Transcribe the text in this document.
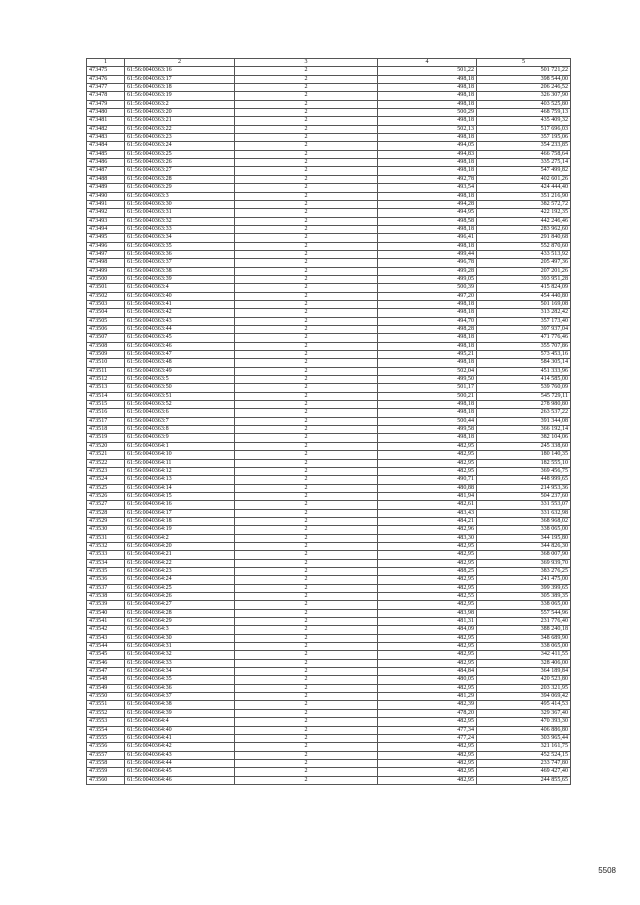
1	2	3	4	5
473475	61:56:0040363:16	2	501,22	501 721,22
473476	61:56:0040363:17	2	498,18	398 544,00
473477	61:56:0040363:18	2	498,18	206 246,52
473478	61:56:0040363:19	2	498,18	326 307,90
473479	61:56:0040363:2	2	498,18	403 525,80
473480	61:56:0040363:20	2	500,29	468 759,13
473481	61:56:0040363:21	2	498,18	435 409,32
473482	61:56:0040363:22	2	502,13	517 696,03
473483	61:56:0040363:23	2	498,18	357 195,06
473484	61:56:0040363:24	2	494,05	354 233,85
473485	61:56:0040363:25	2	494,83	466 758,64
473486	61:56:0040363:26	2	498,18	335 275,14
473487	61:56:0040363:27	2	498,18	547 499,82
473488	61:56:0040363:28	2	492,78	402 601,26
473489	61:56:0040363:29	2	493,54	424 444,40
473490	61:56:0040363:3	2	498,18	351 216,90
473491	61:56:0040363:30	2	494,28	382 572,72
473492	61:56:0040363:31	2	494,95	422 192,35
473493	61:56:0040363:32	2	498,58	442 246,46
473494	61:56:0040363:33	2	498,18	283 962,60
473495	61:56:0040363:34	2	496,41	291 840,68
473496	61:56:0040363:35	2	498,18	552 870,60
473497	61:56:0040363:36	2	499,44	433 513,92
473498	61:56:0040363:37	2	496,78	205 497,36
473499	61:56:0040363:38	2	499,28	207 201,26
473500	61:56:0040363:39	2	499,05	393 951,28
473501	61:56:0040363:4	2	500,39	415 824,09
473502	61:56:0040363:40	2	497,20	454 440,80
473503	61:56:0040363:41	2	498,18	501 169,08
473504	61:56:0040363:42	2	498,18	313 282,42
473505	61:56:0040363:43	2	494,70	357 173,40
473506	61:56:0040363:44	2	498,28	397 937,04
473507	61:56:0040363:45	2	498,18	471 776,46
473508	61:56:0040363:46	2	498,18	355 707,86
473509	61:56:0040363:47	2	495,21	573 453,16
473510	61:56:0040363:48	2	498,18	584 305,14
473511	61:56:0040363:49	2	502,04	451 333,96
473512	61:56:0040363:5	2	499,50	414 585,00
473513	61:56:0040363:50	2	501,17	539 760,09
473514	61:56:0040363:51	2	500,21	545 729,11
473515	61:56:0040363:52	2	498,18	278 980,80
473516	61:56:0040363:6	2	498,18	263 537,22
473517	61:56:0040363:7	2	500,44	391 344,08
473518	61:56:0040363:8	2	499,58	366 192,14
473519	61:56:0040363:9	2	498,18	382 104,06
473520	61:56:0040364:1	2	482,95	245 338,60
473521	61:56:0040364:10	2	482,95	180 140,35
473522	61:56:0040364:11	2	482,95	182 555,10
473523	61:56:0040364:12	2	482,95	369 456,75
473524	61:56:0040364:13	2	490,71	448 999,65
473525	61:56:0040364:14	2	480,88	214 953,36
473526	61:56:0040364:15	2	481,94	504 237,60
473527	61:56:0040364:16	2	482,61	331 553,07
473528	61:56:0040364:17	2	483,43	331 632,98
473529	61:56:0040364:18	2	484,21	368 968,02
473530	61:56:0040364:19	2	482,96	338 065,00
473531	61:56:0040364:2	2	483,30	344 195,80
473532	61:56:0040364:20	2	482,95	344 826,30
473533	61:56:0040364:21	2	482,95	368 007,90
473534	61:56:0040364:22	2	482,95	369 939,70
473535	61:56:0040364:23	2	488,25	383 276,25
473536	61:56:0040364:24	2	482,95	241 475,00
473537	61:56:0040364:25	2	482,95	399 399,65
473538	61:56:0040364:26	2	482,55	305 389,35
473539	61:56:0040364:27	2	482,95	338 065,00
473540	61:56:0040364:28	2	483,98	557 544,96
473541	61:56:0040364:29	2	481,31	231 776,40
473542	61:56:0040364:3	2	484,09	388 240,18
473543	61:56:0040364:30	2	482,95	348 689,90
473544	61:56:0040364:31	2	482,95	338 065,00
473545	61:56:0040364:32	2	482,95	342 411,55
473546	61:56:0040364:33	2	482,95	328 406,00
473547	61:56:0040364:34	2	484,84	364 189,84
473548	61:56:0040364:35	2	480,05	420 523,80
473549	61:56:0040364:36	2	482,95	203 321,95
473550	61:56:0040364:37	2	481,29	394 069,42
473551	61:56:0040364:38	2	482,39	495 414,53
473552	61:56:0040364:39	2	478,20	329 367,40
473553	61:56:0040364:4	2	482,95	470 393,30
473554	61:56:0040364:40	2	477,34	406 886,80
473555	61:56:0040364:41	2	477,24	303 965,44
473556	61:56:0040364:42	2	482,95	321 161,75
473557	61:56:0040364:43	2	482,95	452 524,15
473558	61:56:0040364:44	2	482,95	233 747,80
473559	61:56:0040364:45	2	482,95	469 427,40
473560	61:56:0040364:46	2	482,95	244 855,65
5508
